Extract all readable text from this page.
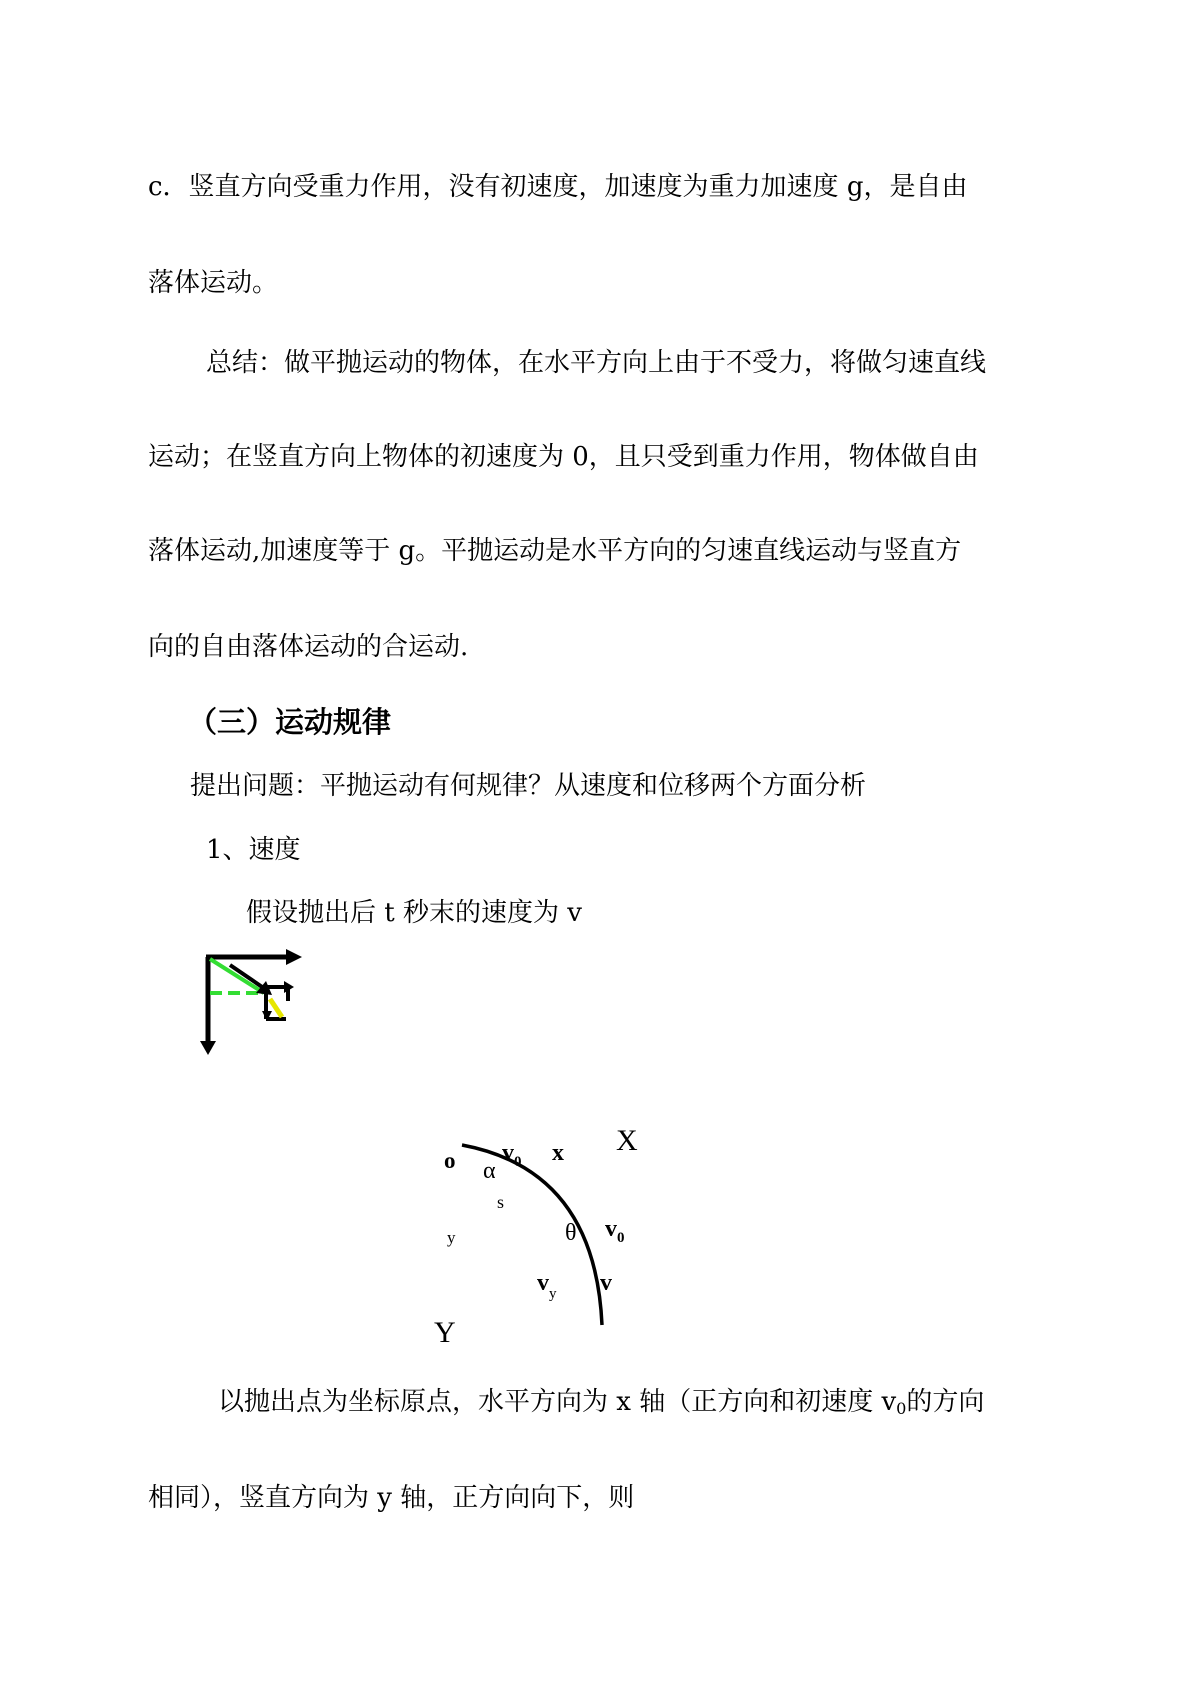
c．竖直方向受重力作用，没有初速度，加速度为重力加速度 g，是自由
落体运动。
总结：做平抛运动的物体，在水平方向上由于不受力，将做匀速直线
运动；在竖直方向上物体的初速度为 0，且只受到重力作用，物体做自由
落体运动,加速度等于 g。平抛运动是水平方向的匀速直线运动与竖直方
向的自由落体运动的合运动.
（三）运动规律
提出问题：平抛运动有何规律？从速度和位移两个方面分析
1、速度
假设抛出后 t 秒末的速度为 v
o α
$v_0$ x X
s
y	θ $v_0$
$v_y$ v
Y
以抛出点为坐标原点，水平方向为 x 轴（正方向和初速度 $v_0$的方向
相同），竖直方向为 y 轴，正方向向下，则
